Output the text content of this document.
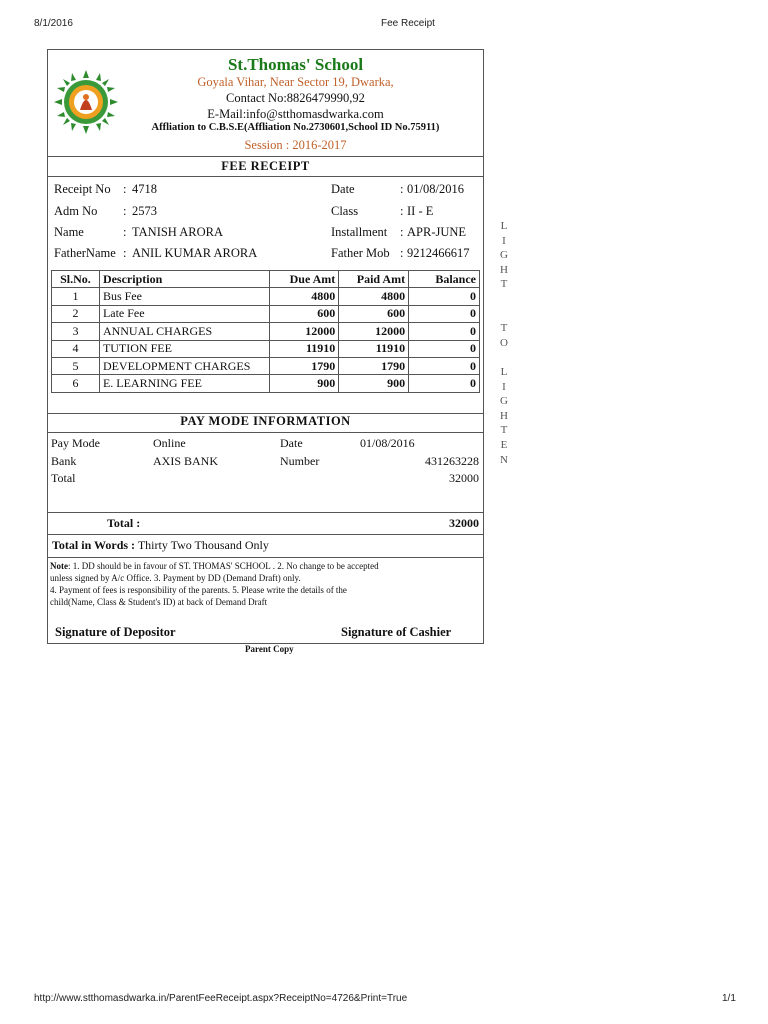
8/1/2016	Fee Receipt
St.Thomas' School
Goyala Vihar, Near Sector 19, Dwarka,
Contact No:8826479990,92
E-Mail:info@stthomasdwarka.com
Affliation to C.B.S.E(Affliation No.2730601,School ID No.75911)
Session : 2016-2017
FEE RECEIPT
Receipt No : 4718
Adm No : 2573
Name	: TANISH ARORA
FatherName : ANIL KUMAR ARORA
Date	: 01/08/2016
Class	: II - E
Installment : APR-JUNE
Father Mob : 9212466617
Sl.No.	Description	Due Amt	Paid Amt	Balance
1	Bus Fee	4800	4800	0
2	Late Fee	600	600	0
3	ANNUAL CHARGES	12000	12000	0
4	TUTION FEE	11910	11910	0
5	DEVELOPMENT CHARGES	1790	1790	0
6	E. LEARNING FEE	900	900	0
PAY MODE INFORMATION
Pay Mode	Online	Date	01/08/2016
Bank	AXIS BANK	Number	431263228
Total	32000
Total :	32000
Total in Words : Thirty Two Thousand Only
Note: 1. DD should be in favour of ST. THOMAS' SCHOOL . 2. No change to be accepted
unless signed by A/c Office. 3. Payment by DD (Demand Draft) only.
4. Payment of fees is responsibility of the parents. 5. Please write the details of the
child(Name, Class & Student's ID) at back of Demand Draft
Signature of Depositor	Signature of Cashier
Parent Copy
L
I
G
H
T
T
O
L
I
G
H
T
E
N
http://www.stthomasdwarka.in/ParentFeeReceipt.aspx?ReceiptNo=4726&Print=True	1/1
